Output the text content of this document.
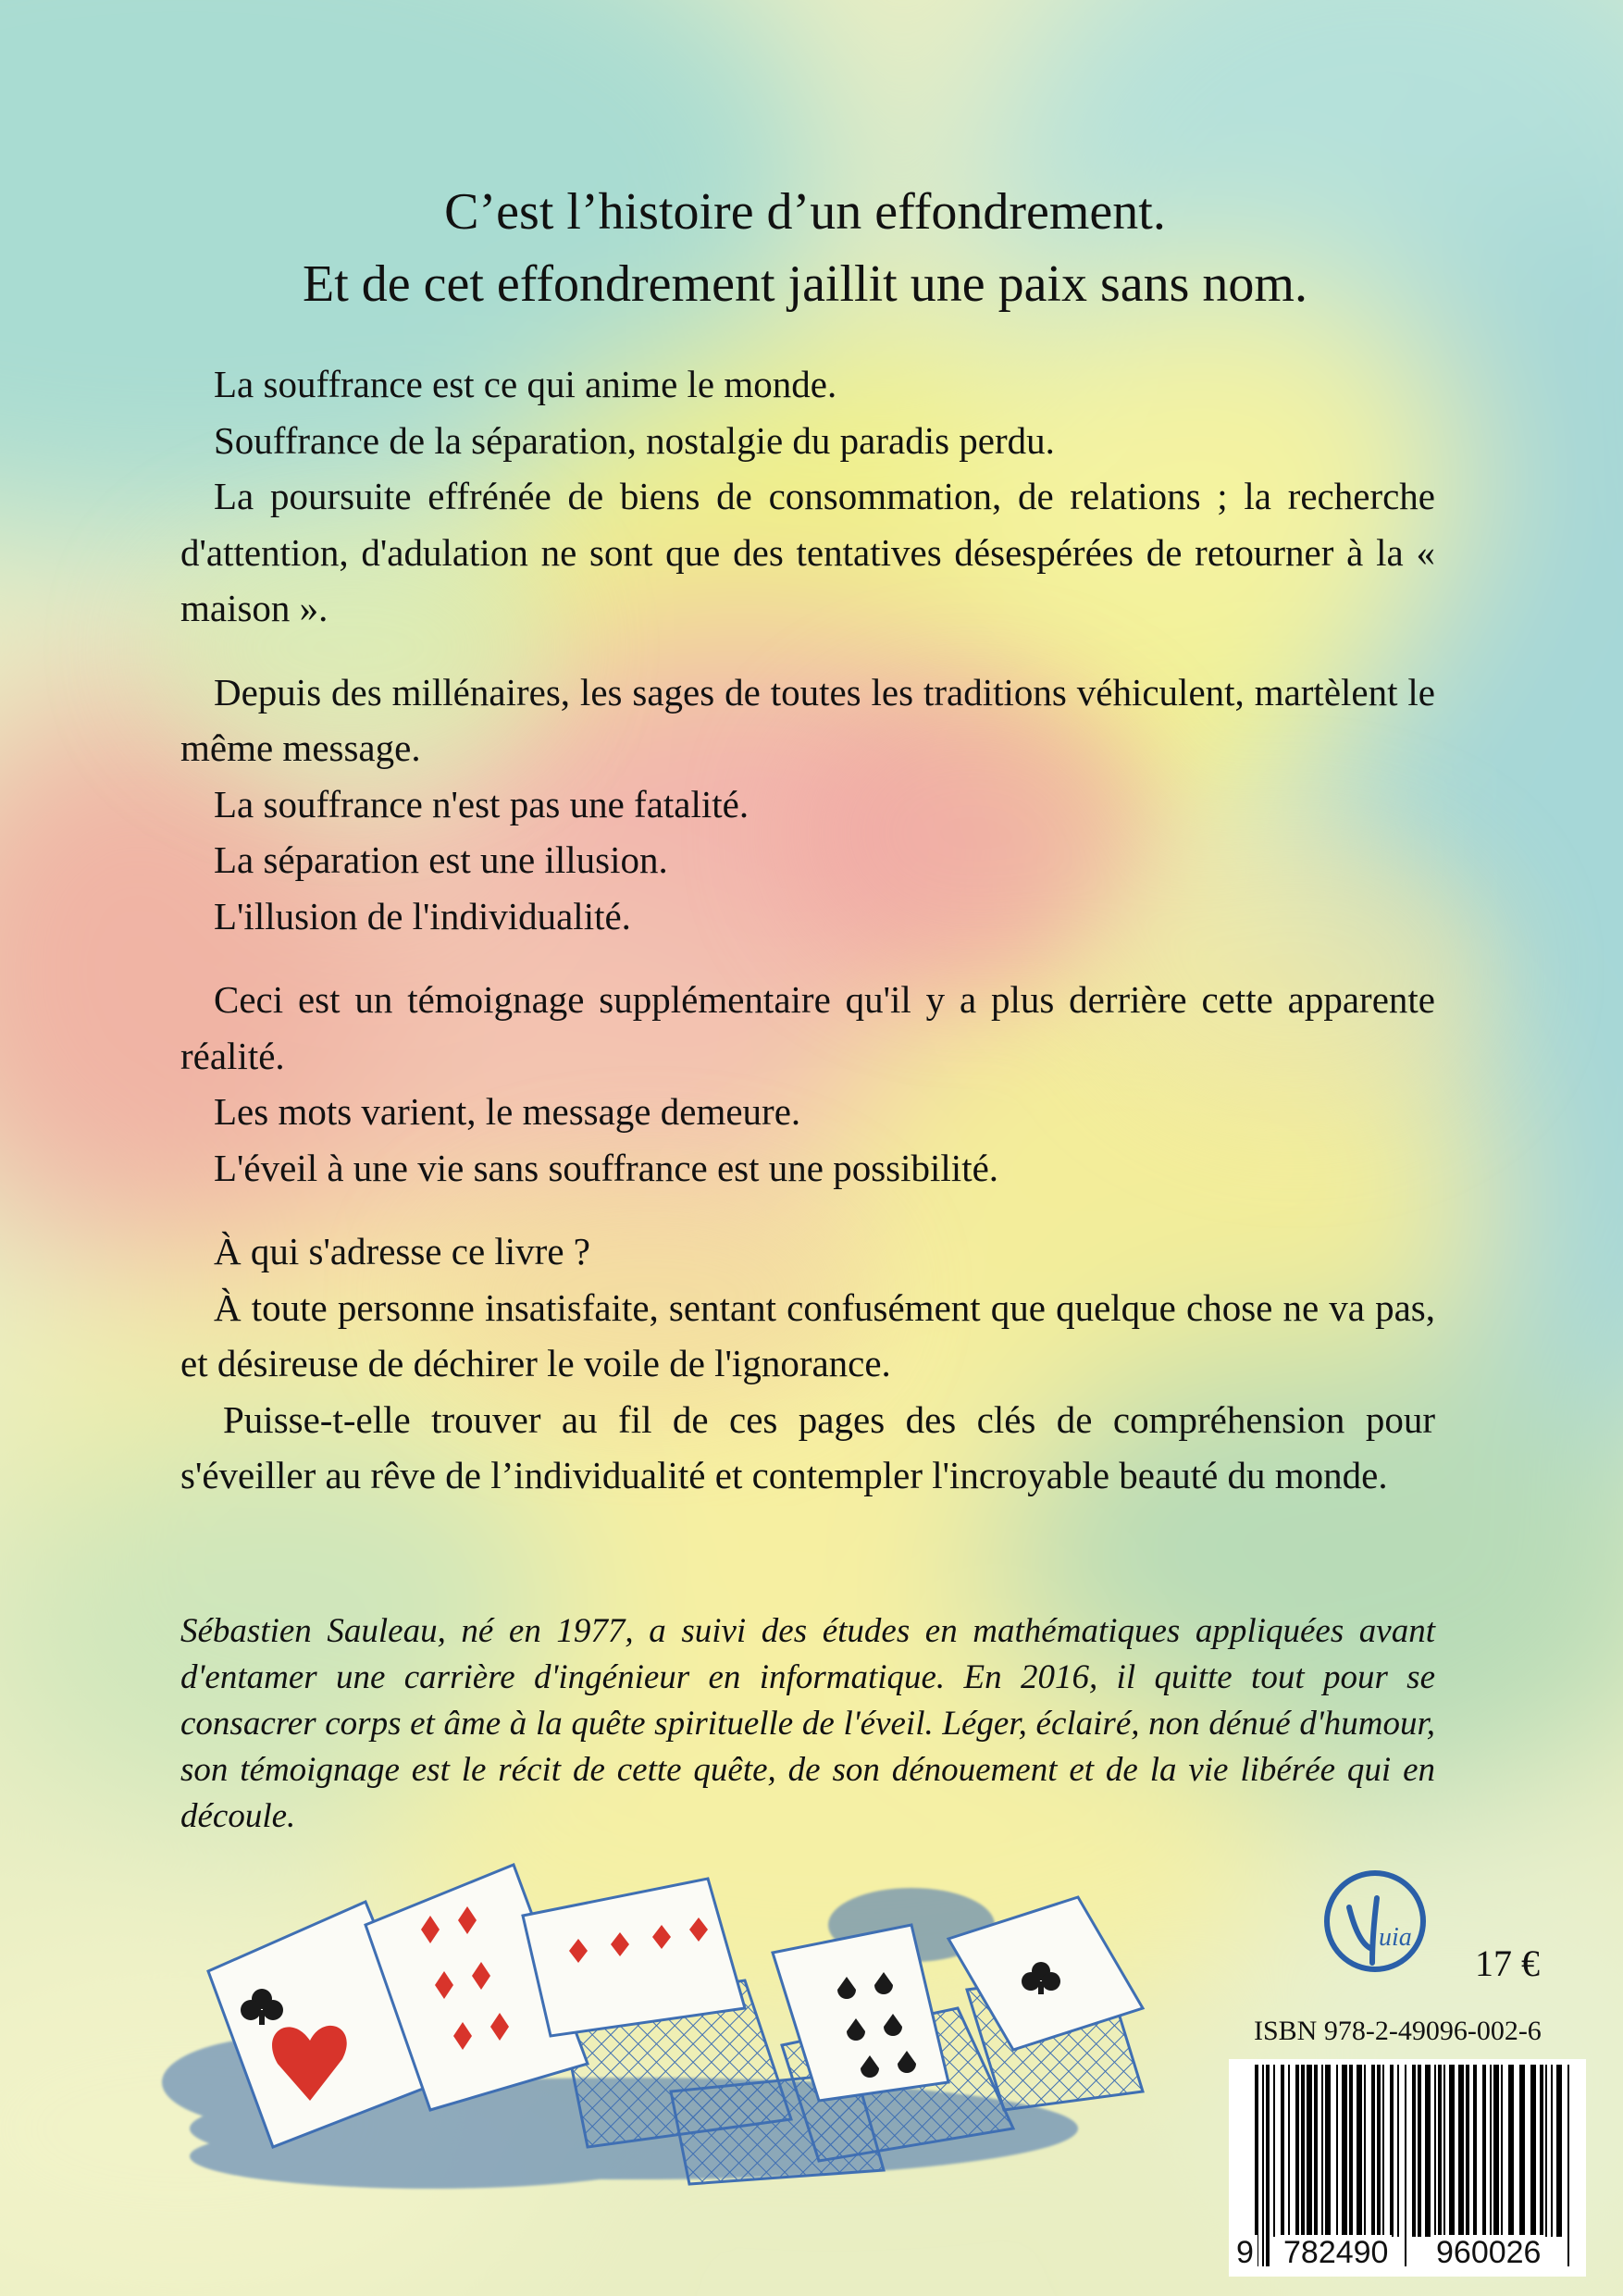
C’est l’histoire d’un effondrement.
Et de cet effondrement jaillit une paix sans nom.

La souffrance est ce qui anime le monde.

Souffrance de la séparation, nostalgie du paradis perdu.

La poursuite effrénée de biens de consommation, de relations ; la recherche d'attention, d'adulation ne sont que des tentatives désespérées de retourner à la « maison ».

Depuis des millénaires, les sages de toutes les traditions véhiculent, martèlent le même message.

La souffrance n'est pas une fatalité.

La séparation est une illusion.

L'illusion de l'individualité.

Ceci est un témoignage supplémentaire qu'il y a plus derrière cette apparente réalité.

Les mots varient, le message demeure.

L'éveil à une vie sans souffrance est une possibilité.

À qui s'adresse ce livre ?

À toute personne insatisfaite, sentant confusément que quelque chose ne va pas, et désireuse de déchirer le voile de l'ignorance.

Puisse-t-elle trouver au fil de ces pages des clés de compréhension pour s'éveiller au rêve de l’individualité et contempler l'incroyable beauté du monde.

Sébastien Sauleau, né en 1977, a suivi des études en mathématiques appliquées avant d'entamer une carrière d'ingénieur en informatique. En 2016, il quitte tout pour se consacrer corps et âme à la quête spirituelle de l'éveil. Léger, éclairé, non dénué d'humour, son témoignage est le récit de cette quête, de son dénouement et de la vie libérée qui en découle.
uia
17 €
ISBN 978-2-49096-002-6
9 782490 960026
